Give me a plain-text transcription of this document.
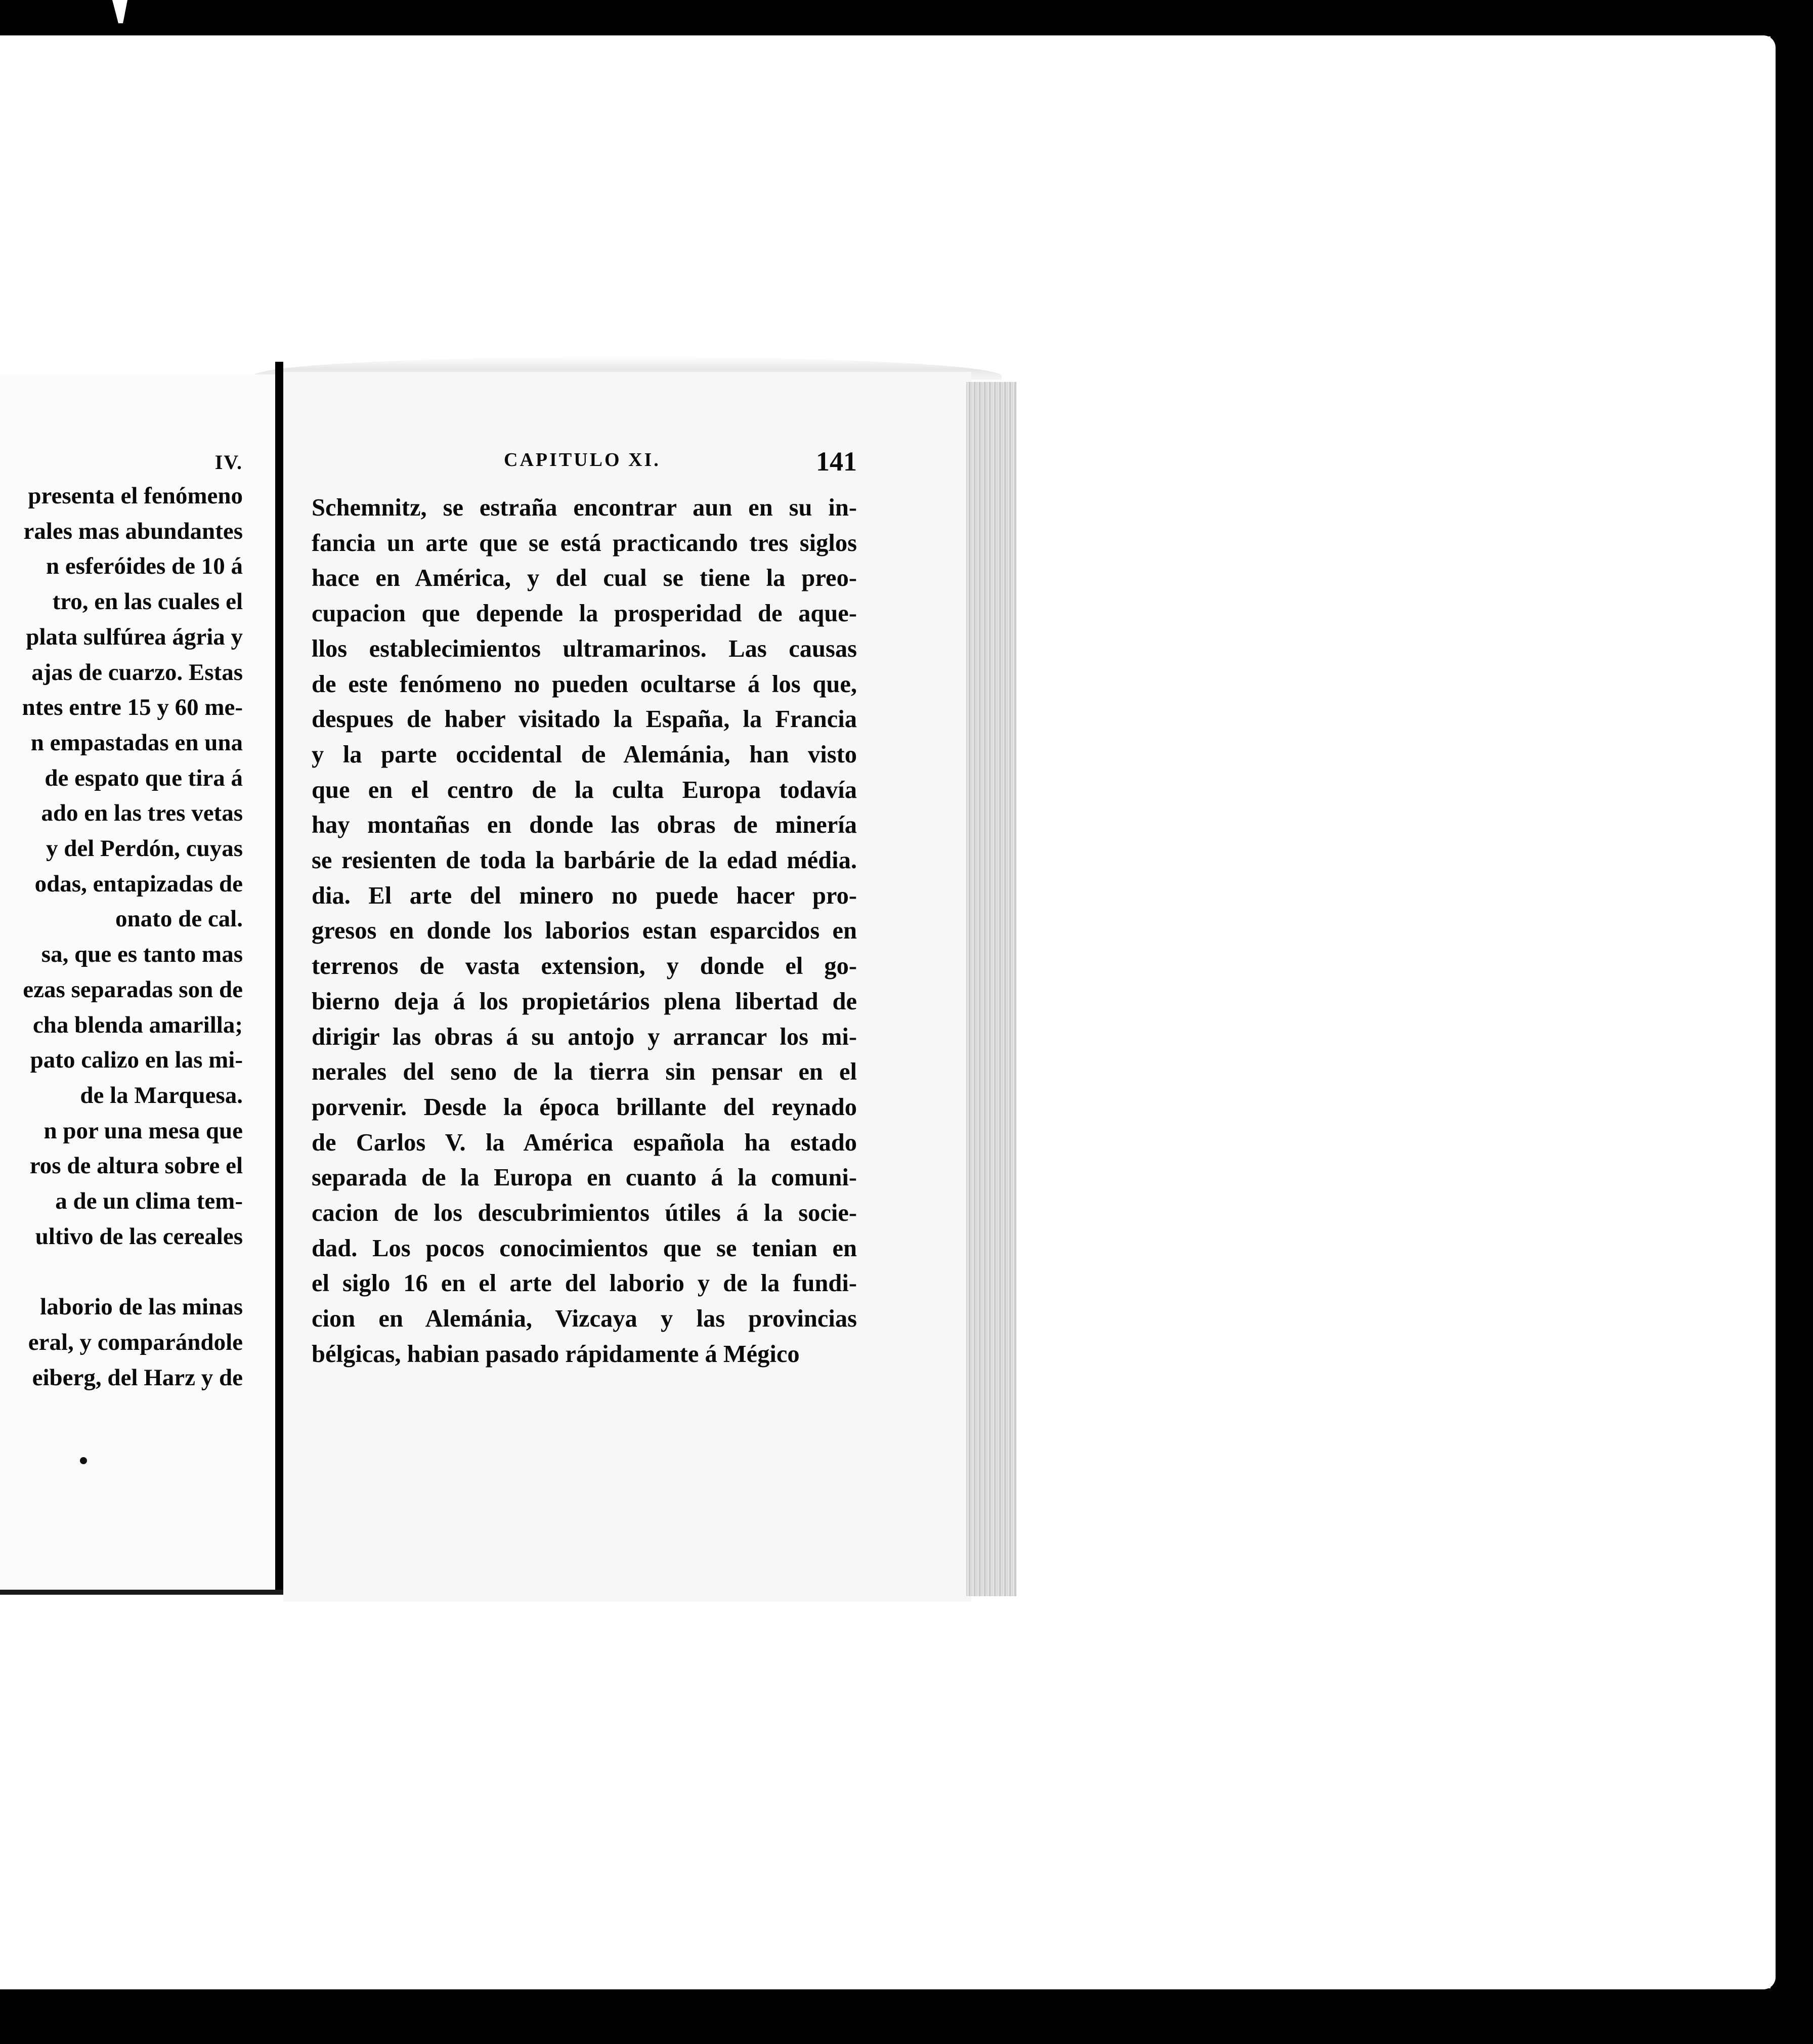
IV.
presenta el fenómeno
rales mas abundantes
n esferóides de 10 á
tro, en las cuales el
plata sulfúrea ágria y
ajas de cuarzo. Estas
ntes entre 15 y 60 me-
n empastadas en una
de espato que tira á
ado en las tres vetas
y del Perdón, cuyas
odas, entapizadas de
onato de cal.
sa, que es tanto mas
ezas separadas son de
cha blenda amarilla;
pato calizo en las mi-
de la Marquesa.
n por una mesa que
ros de altura sobre el
a de un clima tem-
ultivo de las cereales

laborio de las minas
eral, y comparándole
eiberg, del Harz y de
CAPITULO XI.	141
Schemnitz, se estraña encontrar aun en su in-
fancia un arte que se está practicando tres siglos
hace en América, y del cual se tiene la preo-
cupacion que depende la prosperidad de aque-
llos establecimientos ultramarinos. Las causas
de este fenómeno no pueden ocultarse á los que,
despues de haber visitado la España, la Francia
y la parte occidental de Alemánia, han visto
que en el centro de la culta Europa todavía
hay montañas en donde las obras de minería
se resienten de toda la barbárie de la edad média.
dia. El arte del minero no puede hacer pro-
gresos en donde los laborios estan esparcidos en
terrenos de vasta extension, y donde el go-
bierno deja á los propietários plena libertad de
dirigir las obras á su antojo y arrancar los mi-
nerales del seno de la tierra sin pensar en el
porvenir. Desde la época brillante del reynado
de Carlos V. la América española ha estado
separada de la Europa en cuanto á la comuni-
cacion de los descubrimientos útiles á la socie-
dad. Los pocos conocimientos que se tenian en
el siglo 16 en el arte del laborio y de la fundi-
cion en Alemánia, Vizcaya y las provincias
bélgicas, habian pasado rápidamente á Mégico
